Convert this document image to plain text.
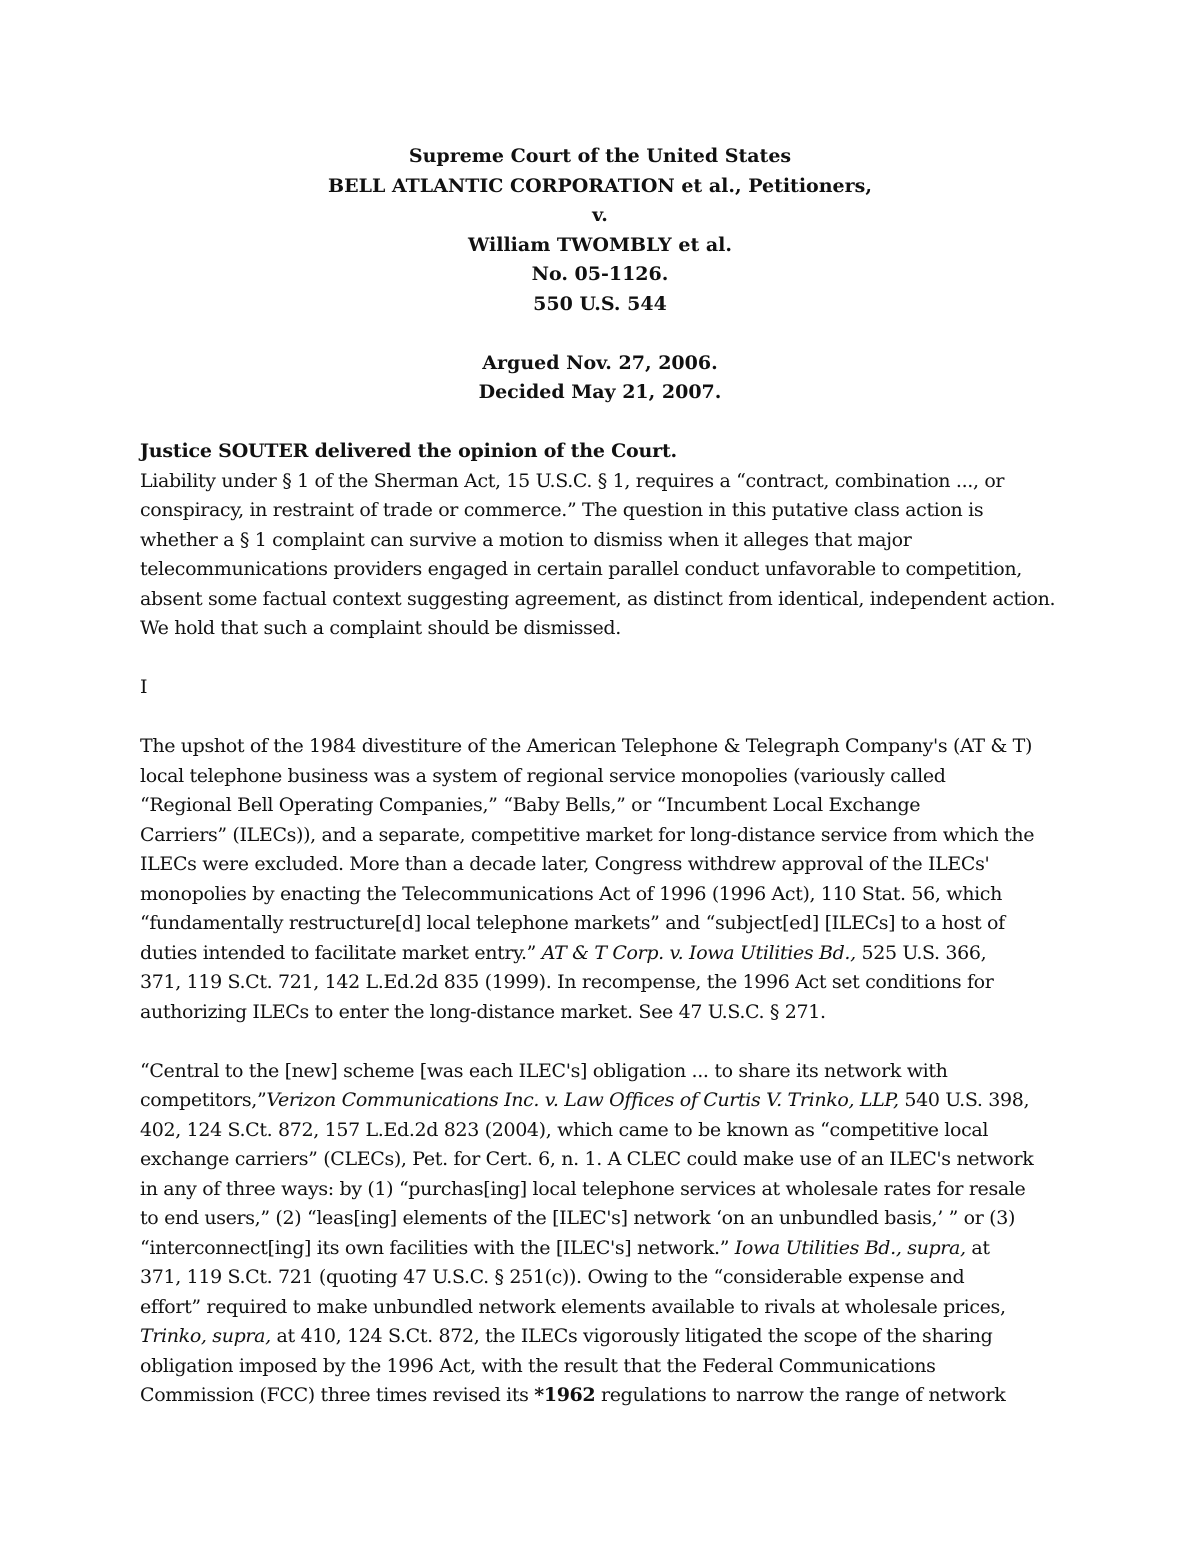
Supreme Court of the United States
BELL ATLANTIC CORPORATION et al., Petitioners,
v.
William TWOMBLY et al.
No. 05-1126.
550 U.S. 544
Argued Nov. 27, 2006.
Decided May 21, 2007.
Justice SOUTER delivered the opinion of the Court.
Liability under § 1 of the Sherman Act, 15 U.S.C. § 1, requires a “contract, combination ..., or
conspiracy, in restraint of trade or commerce.” The question in this putative class action is
whether a § 1 complaint can survive a motion to dismiss when it alleges that major
telecommunications providers engaged in certain parallel conduct unfavorable to competition,
absent some factual context suggesting agreement, as distinct from identical, independent action.
We hold that such a complaint should be dismissed.
I
The upshot of the 1984 divestiture of the American Telephone & Telegraph Company's (AT & T)
local telephone business was a system of regional service monopolies (variously called
“Regional Bell Operating Companies,” “Baby Bells,” or “Incumbent Local Exchange
Carriers” (ILECs)), and a separate, competitive market for long-distance service from which the
ILECs were excluded. More than a decade later, Congress withdrew approval of the ILECs'
monopolies by enacting the Telecommunications Act of 1996 (1996 Act), 110 Stat. 56, which
“fundamentally restructure[d] local telephone markets” and “subject[ed] [ILECs] to a host of
duties intended to facilitate market entry.” AT & T Corp. v. Iowa Utilities Bd., 525 U.S. 366,
371, 119 S.Ct. 721, 142 L.Ed.2d 835 (1999). In recompense, the 1996 Act set conditions for
authorizing ILECs to enter the long-distance market. See 47 U.S.C. § 271.
“Central to the [new] scheme [was each ILEC's] obligation ... to share its network with
competitors,”Verizon Communications Inc. v. Law Offices of Curtis V. Trinko, LLP, 540 U.S. 398,
402, 124 S.Ct. 872, 157 L.Ed.2d 823 (2004), which came to be known as “competitive local
exchange carriers” (CLECs), Pet. for Cert. 6, n. 1. A CLEC could make use of an ILEC's network
in any of three ways: by (1) “purchas[ing] local telephone services at wholesale rates for resale
to end users,” (2) “leas[ing] elements of the [ILEC's] network ‘on an unbundled basis,’ ” or (3)
“interconnect[ing] its own facilities with the [ILEC's] network.” Iowa Utilities Bd., supra, at
371, 119 S.Ct. 721 (quoting 47 U.S.C. § 251(c)). Owing to the “considerable expense and
effort” required to make unbundled network elements available to rivals at wholesale prices,
Trinko, supra, at 410, 124 S.Ct. 872, the ILECs vigorously litigated the scope of the sharing
obligation imposed by the 1996 Act, with the result that the Federal Communications
Commission (FCC) three times revised its *1962 regulations to narrow the range of network
